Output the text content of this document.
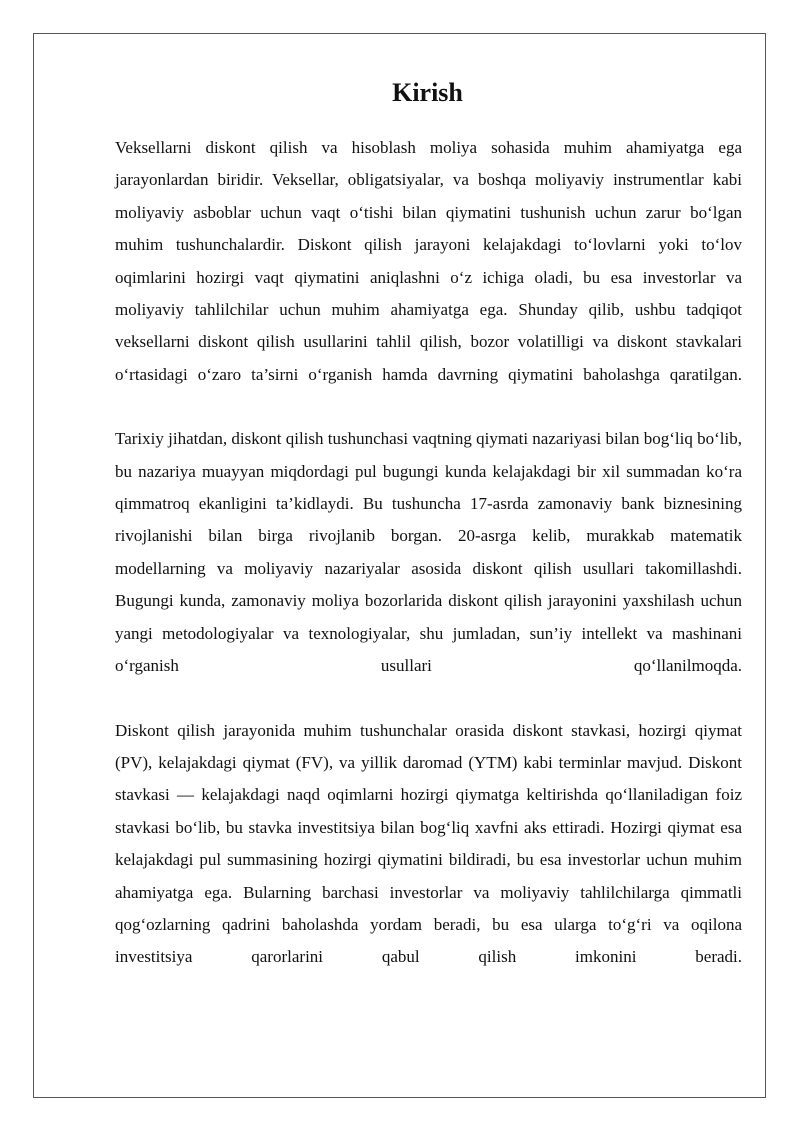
Kirish

Veksellarni diskont qilish va hisoblash moliya sohasida muhim ahamiyatga ega jarayonlardan biridir. Veksellar, obligatsiyalar, va boshqa moliyaviy instrumentlar kabi moliyaviy asboblar uchun vaqt o‘tishi bilan qiymatini tushunish uchun zarur bo‘lgan muhim tushunchalardir. Diskont qilish jarayoni kelajakdagi to‘lovlarni yoki to‘lov oqimlarini hozirgi vaqt qiymatini aniqlashni o‘z ichiga oladi, bu esa investorlar va moliyaviy tahlilchilar uchun muhim ahamiyatga ega. Shunday qilib, ushbu tadqiqot veksellarni diskont qilish usullarini tahlil qilish, bozor volatilligi va diskont stavkalari o‘rtasidagi o‘zaro ta’sirni o‘rganish hamda davrning qiymatini baholashga qaratilgan.

Tarixiy jihatdan, diskont qilish tushunchasi vaqtning qiymati nazariyasi bilan bog‘liq bo‘lib, bu nazariya muayyan miqdordagi pul bugungi kunda kelajakdagi bir xil summadan ko‘ra qimmatroq ekanligini ta’kidlaydi. Bu tushuncha 17-asrda zamonaviy bank biznesining rivojlanishi bilan birga rivojlanib borgan. 20-asrga kelib, murakkab matematik modellarning va moliyaviy nazariyalar asosida diskont qilish usullari takomillashdi. Bugungi kunda, zamonaviy moliya bozorlarida diskont qilish jarayonini yaxshilash uchun yangi metodologiyalar va texnologiyalar, shu jumladan, sun’iy intellekt va mashinani o‘rganish usullari qo‘llanilmoqda.

Diskont qilish jarayonida muhim tushunchalar orasida diskont stavkasi, hozirgi qiymat (PV), kelajakdagi qiymat (FV), va yillik daromad (YTM) kabi terminlar mavjud. Diskont stavkasi — kelajakdagi naqd oqimlarni hozirgi qiymatga keltirishda qo‘llaniladigan foiz stavkasi bo‘lib, bu stavka investitsiya bilan bog‘liq xavfni aks ettiradi. Hozirgi qiymat esa kelajakdagi pul summasining hozirgi qiymatini bildiradi, bu esa investorlar uchun muhim ahamiyatga ega. Bularning barchasi investorlar va moliyaviy tahlilchilarga qimmatli qog‘ozlarning qadrini baholashda yordam beradi, bu esa ularga to‘g‘ri va oqilona investitsiya qarorlarini qabul qilish imkonini beradi.
